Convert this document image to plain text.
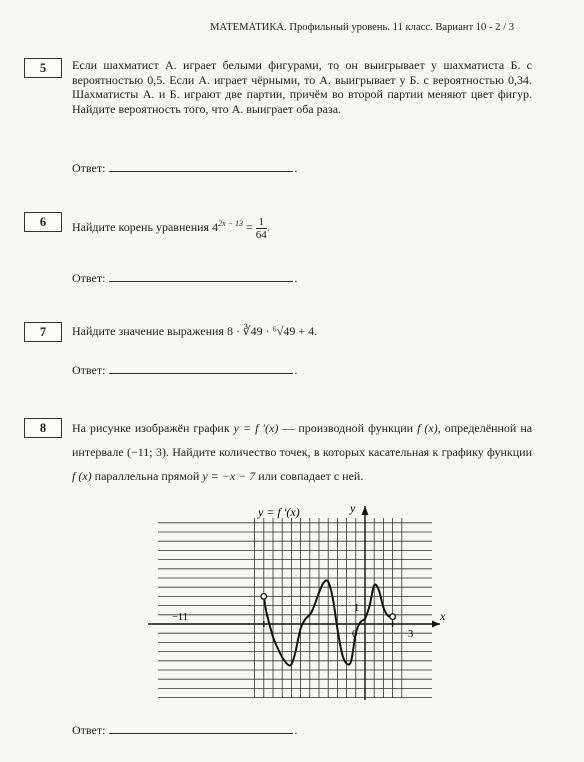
МАТЕМАТИКА. Профильный уровень. 11 класс. Вариант 10 - 2 / 3
5	Если шахматист А. играет белыми фигурами, то он выигрывает у шахматиста Б. с вероятностью 0,5. Если А. играет чёрными, то А. выигрывает у Б. с вероятностью 0,34. Шахматисты А. и Б. играют две партии, причём во второй партии меняют цвет фигур. Найдите вероятность того, что А. выиграет оба раза.
Ответ:	.
6	Найдите корень уравнения $4^{2x - 13} = \frac{1}{64}$ .
Ответ:	.
7	Найдите значение выражения 8 · ∛49 · ⁶√49 + 4.
Ответ:	.
8	На рисунке изображён график y = f ′(x) — производной функции f (x), определённой на интервале (−11; 3). Найдите количество точек, в которых касательная к графику функции f (x) параллельна прямой y = −x − 7 или совпадает с ней.
y = f ′(x)	y
x
−11
0
1
3
Ответ:	.
